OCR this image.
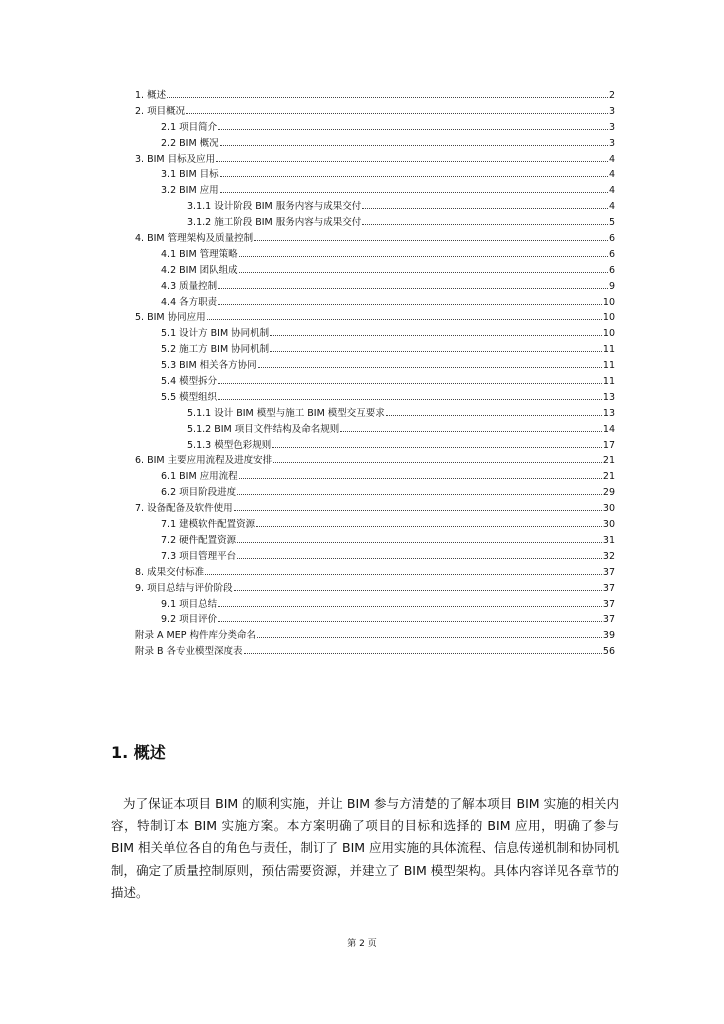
1. 概述	2
2. 项目概况	3
2.1 项目简介	3
2.2 BIM 概况	3
3. BIM 目标及应用	4
3.1 BIM 目标	4
3.2 BIM 应用	4
3.1.1 设计阶段 BIM 服务内容与成果交付	4
3.1.2 施工阶段 BIM 服务内容与成果交付	5
4. BIM 管理架构及质量控制	6
4.1 BIM 管理策略	6
4.2 BIM 团队组成	6
4.3 质量控制	9
4.4 各方职责	10
5. BIM 协同应用	10
5.1 设计方 BIM 协同机制	10
5.2 施工方 BIM 协同机制	11
5.3 BIM 相关各方协同	11
5.4 模型拆分	11
5.5 模型组织	13
5.1.1 设计 BIM 模型与施工 BIM 模型交互要求	13
5.1.2 BIM 项目文件结构及命名规则	14
5.1.3 模型色彩规则	17
6. BIM 主要应用流程及进度安排	21
6.1 BIM 应用流程	21
6.2 项目阶段进度	29
7. 设备配备及软件使用	30
7.1 建模软件配置资源	30
7.2 硬件配置资源	31
7.3 项目管理平台	32
8. 成果交付标准	37
9. 项目总结与评价阶段	37
9.1 项目总结	37
9.2 项目评价	37
附录 A MEP 构件库分类命名	39
附录 B 各专业模型深度表	56
1. 概述

为了保证本项目 BIM 的顺利实施，并让 BIM 参与方清楚的了解本项目 BIM 实施的相关内容，特制订本 BIM 实施方案。本方案明确了项目的目标和选择的 BIM 应用，明确了参与 BIM 相关单位各自的角色与责任，制订了 BIM 应用实施的具体流程、信息传递机制和协同机制，确定了质量控制原则，预估需要资源，并建立了 BIM 模型架构。具体内容详见各章节的描述。

第 2 页
